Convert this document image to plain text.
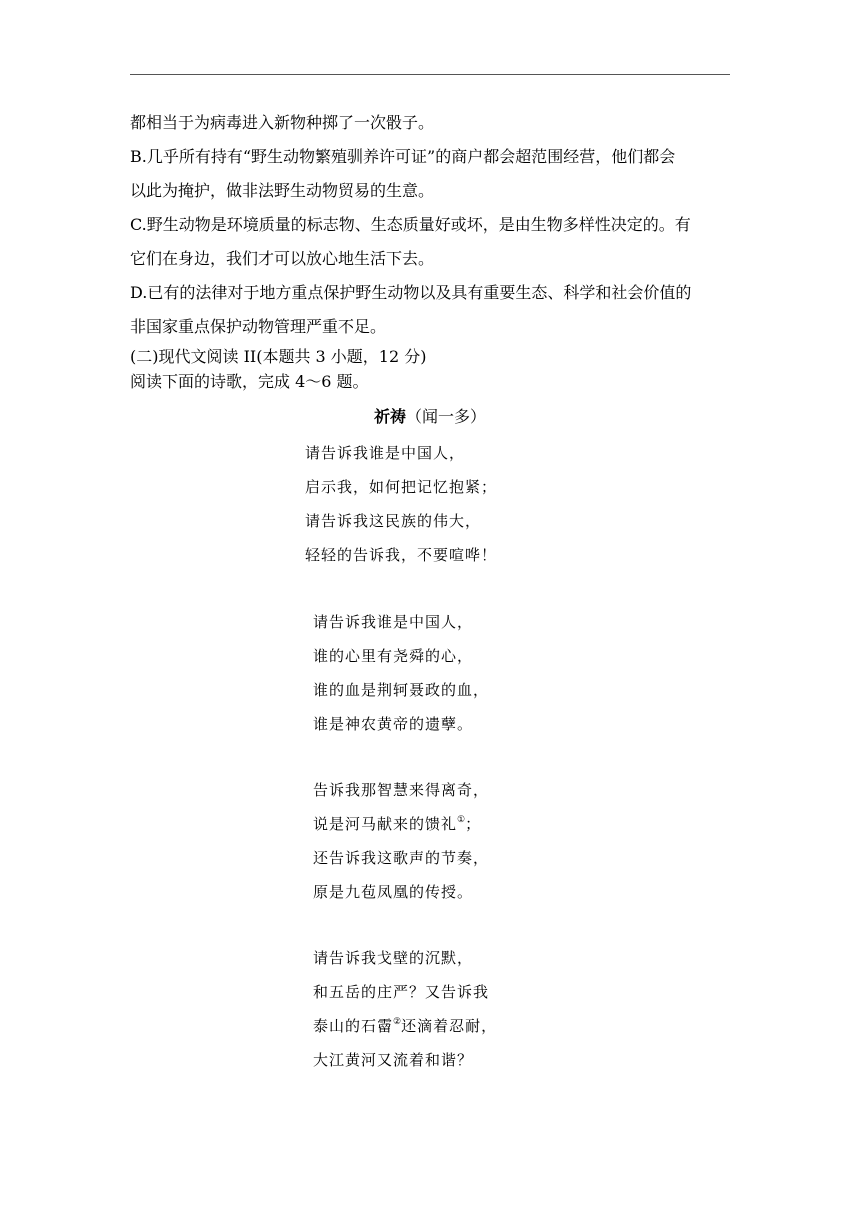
都相当于为病毒进入新物种掷了一次骰子。

B.几乎所有持有“野生动物繁殖驯养许可证”的商户都会超范围经营，他们都会
以此为掩护，做非法野生动物贸易的生意。

C.野生动物是环境质量的标志物、生态质量好或坏，是由生物多样性决定的。有
它们在身边，我们才可以放心地生活下去。

D.已有的法律对于地方重点保护野生动物以及具有重要生态、科学和社会价值的
非国家重点保护动物管理严重不足。

(二)现代文阅读 II(本题共 3 小题，12 分)

阅读下面的诗歌，完成 4～6 题。

祈祷（闻一多）

请告诉我谁是中国人，
启示我，如何把记忆抱紧；
请告诉我这民族的伟大，
轻轻的告诉我，不要喧哗！
请告诉我谁是中国人，
谁的心里有尧舜的心，
谁的血是荆轲聂政的血，
谁是神农黄帝的遗孽。
告诉我那智慧来得离奇，
说是河马献来的馈礼①；
还告诉我这歌声的节奏，
原是九苞凤凰的传授。
请告诉我戈壁的沉默，
和五岳的庄严？又告诉我
泰山的石霤②还滴着忍耐，
大江黄河又流着和谐？
